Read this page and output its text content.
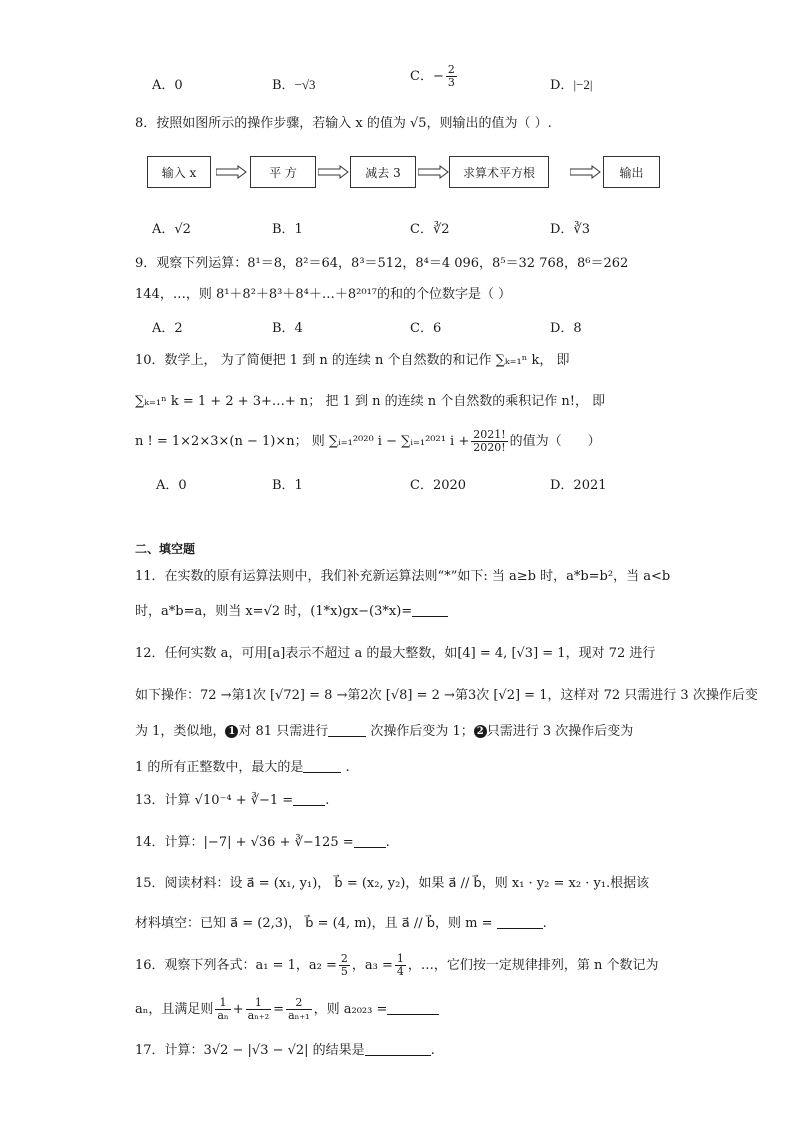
A．0	B．−√3
C．− $\frac{2}{3}$	D．|−2|
8．按照如图所示的操作步骤，若输入 x 的值为 √5，则输出的值为（ ）.
输入 x	平 方	减去 3	求算术平方根	输出
A．√2	B．1	C．∛2	D．∛3
9．观察下列运算：8¹＝8，8²＝64，8³＝512，8⁴＝4 096，8⁵＝32 768，8⁶＝262
144，…，则 8¹＋8²＋8³＋8⁴＋…＋8²⁰¹⁷的和的个位数字是（ ）
A．2	B．4	C．6	D．8
10．数学上， 为了简便把 1 到 n 的连续 n 个自然数的和记作 ∑ₖ₌₁ⁿ k， 即
∑ₖ₌₁ⁿ k = 1 + 2 + 3+…+ n； 把 1 到 n 的连续 n 个自然数的乘积记作 n!， 即
n ! = 1×2×3×(n − 1)×n； 则 ∑ᵢ₌₁²⁰²⁰ i − ∑ᵢ₌₁²⁰²¹ $i + \frac{2021!}{2020!}$ 的值为（　　）
A．0	B．1	C．2020	D．2021
二、填空题
11．在实数的原有运算法则中，我们补充新运算法则“*”如下: 当 a≥b 时，a*b=b²，当 a<b
时，a*b=a，则当 x=√2 时，(1*x)gx−(3*x)=
12．任何实数 a，可用[a]表示不超过 a 的最大整数，如[4] = 4, [√3] = 1，现对 72 进行
如下操作：72 →第1次 [√72] = 8 →第2次 [√8] = 2 →第3次 [√2] = 1，这样对 72 只需进行 3 次操作后变
为 1，类似地， 1 对 81 只需进行	次操作后变为 1； 2 只需进行 3 次操作后变为
1 的所有正整数中，最大的是	.
13．计算 √10⁻⁴ + ∛−1 = .
14．计算：|−7| + √36 + ∛−125 = .
15．阅读材料：设 a⃗ = (x₁, y₁)， b⃗ = (x₂, y₂)，如果 a⃗ // b⃗，则 x₁ · y₂ = x₂ · y₁.根据该
材料填空：已知 a⃗ = (2,3)， b⃗ = (4, m)，且 a⃗ // b⃗，则 m =	.
16．观察下列各式：a₁ = 1，$a_2 = \frac{2}{5}$ ，$a_3 = \frac{1}{4}$ ，…，它们按一定规律排列，第 n 个数记为
aₙ，且满足则 $\frac{1}{\text{aₙ}} + \frac{1}{\text{aₙ₊₂}} = \frac{2}{\text{aₙ₊₁}}$ ，则 a₂₀₂₃ =
17．计算：3√2 − |√3 − √2| 的结果是	.
